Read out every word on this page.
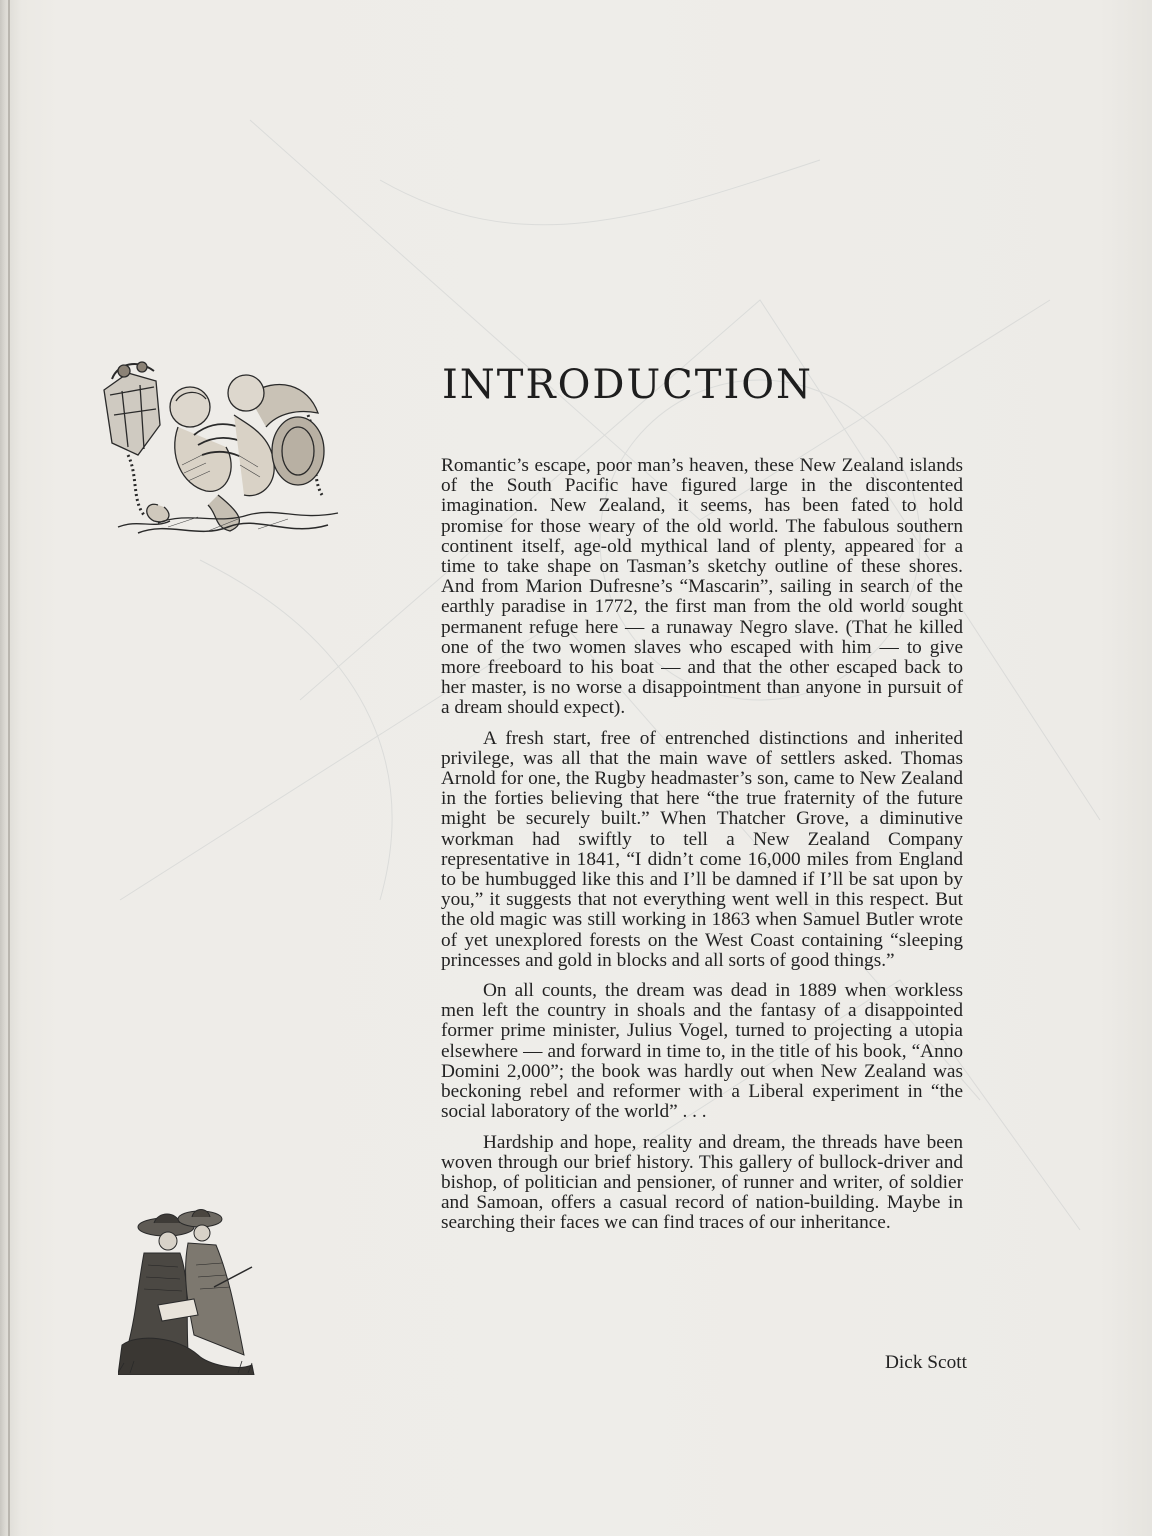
INTRODUCTION

Romantic’s escape, poor man’s heaven, these New Zealand islands of the South Pacific have figured large in the discontented imagination. New Zealand, it seems, has been fated to hold promise for those weary of the old world. The fabulous southern continent itself, age-old mythical land of plenty, appeared for a time to take shape on Tasman’s sketchy outline of these shores. And from Marion Dufresne’s “Mascarin”, sailing in search of the earthly paradise in 1772, the first man from the old world sought permanent refuge here — a runaway Negro slave. (That he killed one of the two women slaves who escaped with him — to give more freeboard to his boat — and that the other escaped back to her master, is no worse a disappointment than anyone in pursuit of a dream should expect).

A fresh start, free of entrenched distinctions and inherited privilege, was all that the main wave of settlers asked. Thomas Arnold for one, the Rugby headmaster’s son, came to New Zealand in the forties believing that here “the true fraternity of the future might be securely built.” When Thatcher Grove, a diminutive workman had swiftly to tell a New Zealand Company representative in 1841, “I didn’t come 16,000 miles from England to be humbugged like this and I’ll be damned if I’ll be sat upon by you,” it suggests that not everything went well in this respect. But the old magic was still working in 1863 when Samuel Butler wrote of yet unexplored forests on the West Coast containing “sleeping princesses and gold in blocks and all sorts of good things.”

On all counts, the dream was dead in 1889 when workless men left the country in shoals and the fantasy of a disappointed former prime minister, Julius Vogel, turned to projecting a utopia elsewhere — and forward in time to, in the title of his book, “Anno Domini 2,000”; the book was hardly out when New Zealand was beckoning rebel and reformer with a Liberal experiment in “the social laboratory of the world” . . .

Hardship and hope, reality and dream, the threads have been woven through our brief history. This gallery of bullock-driver and bishop, of politician and pensioner, of runner and writer, of soldier and Samoan, offers a casual record of nation-building. Maybe in searching their faces we can find traces of our inheritance.

Dick Scott
